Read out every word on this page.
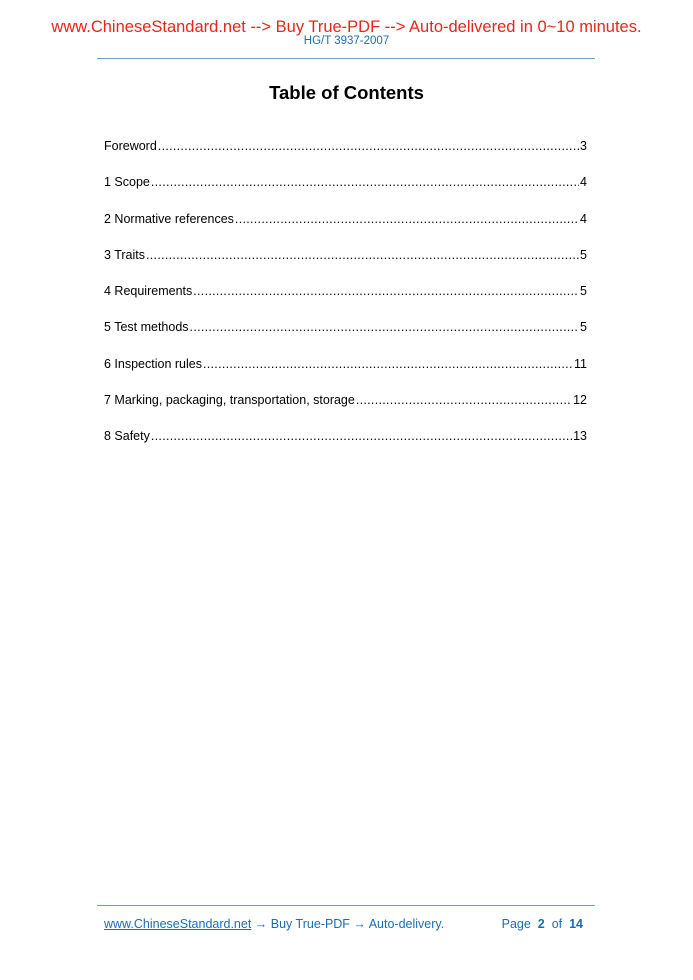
www.ChineseStandard.net --> Buy True-PDF --> Auto-delivered in 0~10 minutes.
HG/T 3937-2007
Table of Contents
Foreword .....	3
1 Scope .....	4
2 Normative references .....	4
3 Traits .....	5
4 Requirements .....	5
5 Test methods .....	5
6 Inspection rules .....	11
7 Marking, packaging, transportation, storage .....	12
8 Safety .....	13
www.ChineseStandard.net → Buy True-PDF → Auto-delivery.	Page 2 of 14
